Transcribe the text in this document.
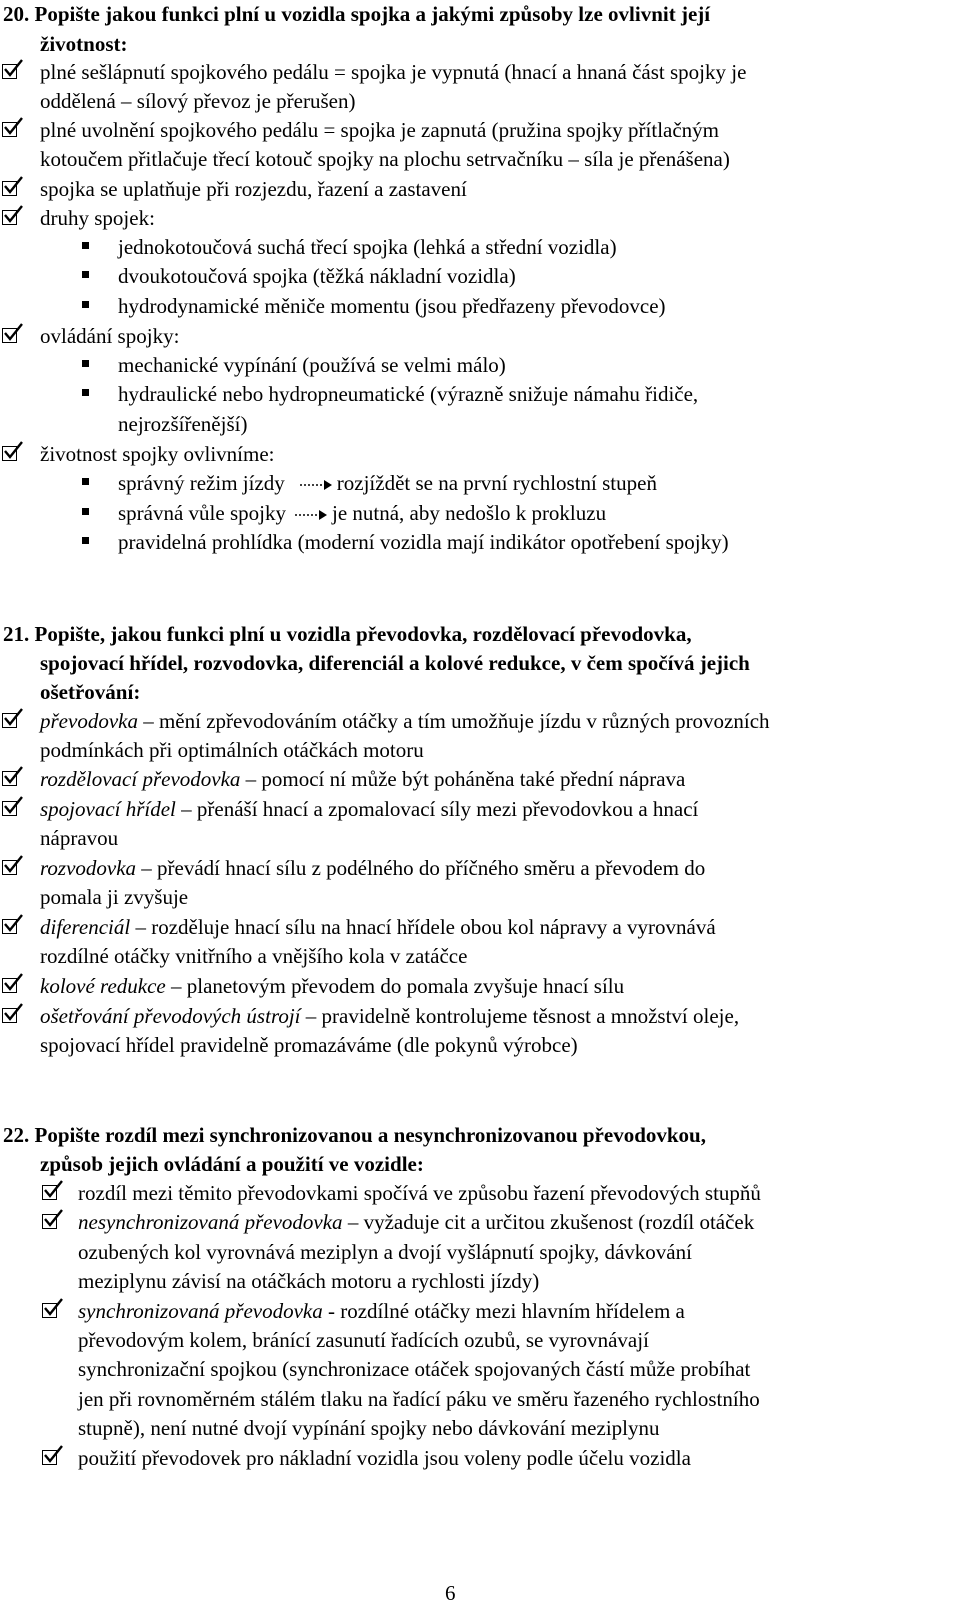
20. Popište jakou funkci plní u vozidla spojka a jakými způsoby lze ovlivnit její
životnost:
plné sešlápnutí spojkového pedálu = spojka je vypnutá (hnací a hnaná část spojky je
oddělená – sílový převoz je přerušen)
plné uvolnění spojkového pedálu = spojka je zapnutá (pružina spojky přítlačným
kotoučem přitlačuje třecí kotouč spojky na plochu setrvačníku – síla je přenášena)
spojka se uplatňuje při rozjezdu, řazení a zastavení
druhy spojek:
jednokotoučová suchá třecí spojka (lehká a střední vozidla)
dvoukotoučová spojka (těžká nákladní vozidla)
hydrodynamické měniče momentu (jsou předřazeny převodovce)
ovládání spojky:
mechanické vypínání (používá se velmi málo)
hydraulické nebo hydropneumatické (výrazně snižuje námahu řidiče,
nejrozšířenější)
životnost spojky ovlivníme:
správný režim jízdy rozjíždět se na první rychlostní stupeň
správná vůle spojky je nutná, aby nedošlo k prokluzu
pravidelná prohlídka (moderní vozidla mají indikátor opotřebení spojky)
21. Popište, jakou funkci plní u vozidla převodovka, rozdělovací převodovka,
spojovací hřídel, rozvodovka, diferenciál a kolové redukce, v čem spočívá jejich
ošetřování:
převodovka – mění zpřevodováním otáčky a tím umožňuje jízdu v různých provozních
podmínkách při optimálních otáčkách motoru
rozdělovací převodovka – pomocí ní může být poháněna také přední náprava
spojovací hřídel – přenáší hnací a zpomalovací síly mezi převodovkou a hnací
nápravou
rozvodovka – převádí hnací sílu z podélného do příčného směru a převodem do
pomala ji zvyšuje
diferenciál – rozděluje hnací sílu na hnací hřídele obou kol nápravy a vyrovnává
rozdílné otáčky vnitřního a vnějšího kola v zatáčce
kolové redukce – planetovým převodem do pomala zvyšuje hnací sílu
ošetřování převodových ústrojí – pravidelně kontrolujeme těsnost a množství oleje,
spojovací hřídel pravidelně promazáváme (dle pokynů výrobce)
22. Popište rozdíl mezi synchronizovanou a nesynchronizovanou převodovkou,
způsob jejich ovládání a použití ve vozidle:
rozdíl mezi těmito převodovkami spočívá ve způsobu řazení převodových stupňů
nesynchronizovaná převodovka – vyžaduje cit a určitou zkušenost (rozdíl otáček
ozubených kol vyrovnává meziplyn a dvojí vyšlápnutí spojky, dávkování
meziplynu závisí na otáčkách motoru a rychlosti jízdy)
synchronizovaná převodovka - rozdílné otáčky mezi hlavním hřídelem a
převodovým kolem, bránící zasunutí řadících ozubů, se vyrovnávají
synchronizační spojkou (synchronizace otáček spojovaných částí může probíhat
jen při rovnoměrném stálém tlaku na řadící páku ve směru řazeného rychlostního
stupně), není nutné dvojí vypínání spojky nebo dávkování meziplynu
použití převodovek pro nákladní vozidla jsou voleny podle účelu vozidla
6
